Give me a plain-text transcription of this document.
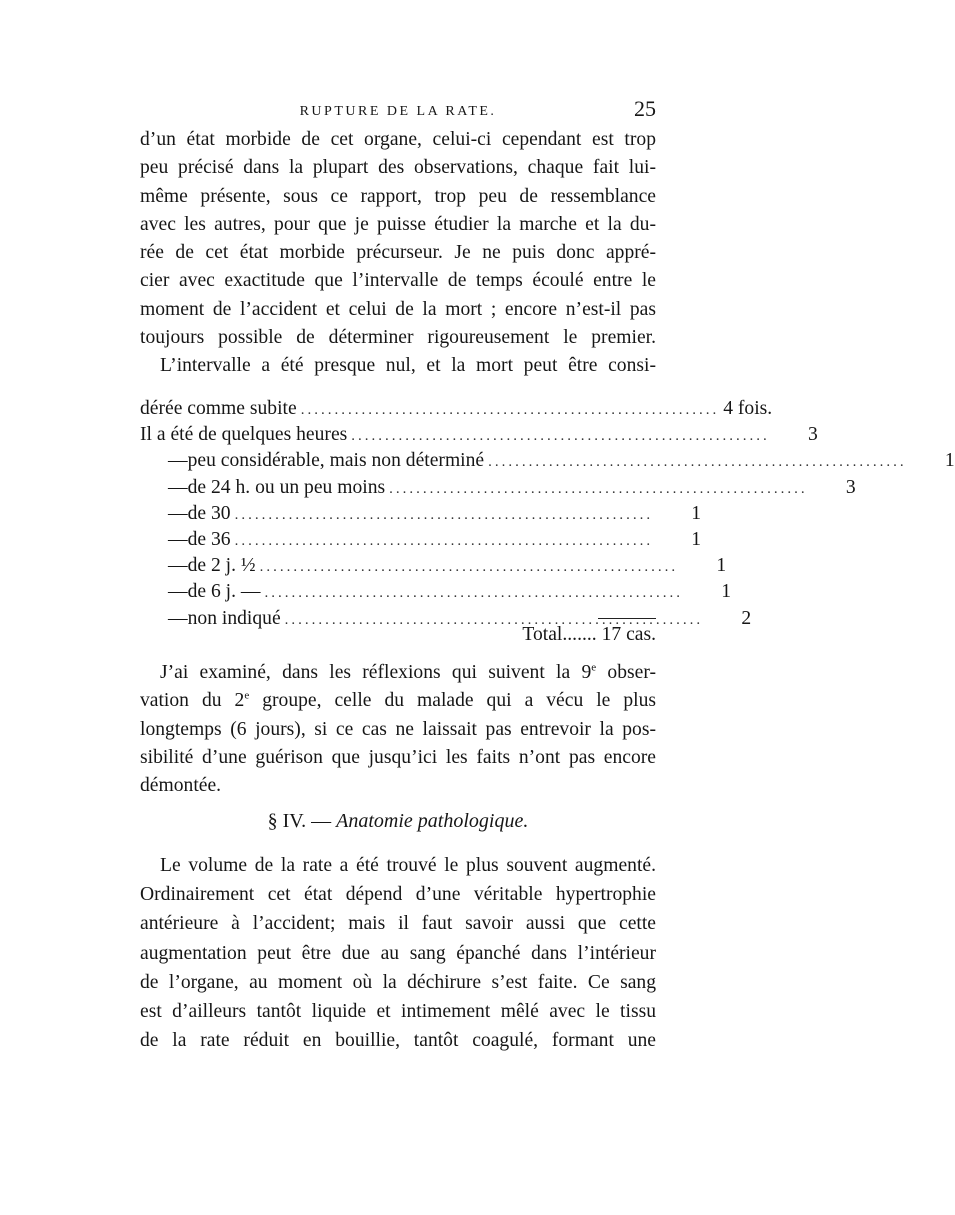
RUPTURE DE LA RATE.	25
d’un état morbide de cet organe, celui-ci cependant est trop
peu précisé dans la plupart des observations, chaque fait lui-
même présente, sous ce rapport, trop peu de ressemblance
avec les autres, pour que je puisse étudier la marche et la du-
rée de cet état morbide précurseur. Je ne puis donc appré-
cier avec exactitude que l’intervalle de temps écoulé entre le
moment de l’accident et celui de la mort ; encore n’est-il pas
toujours possible de déterminer rigoureusement le premier.
L’intervalle a été presque nul, et la mort peut être consi-
dérée comme subite .............................................................. 4 fois.
Il a été de quelques heures ..............................................................	3
— peu considérable, mais non déterminé ..............................................................	1
— de 24 h. ou un peu moins ..............................................................	3
— de 30 ..............................................................	1
— de 36 ..............................................................	1
— de 2 j. ½ ..............................................................	1
— de 6 j. — ..............................................................	1
— non indiqué ..............................................................	2
Total....... 17 cas.
J’ai examiné, dans les réflexions qui suivent la 9e obser-
vation du 2e groupe, celle du malade qui a vécu le plus
longtemps (6 jours), si ce cas ne laissait pas entrevoir la pos-
sibilité d’une guérison que jusqu’ici les faits n’ont pas encore
démontée.
§ IV. — Anatomie pathologique.
Le volume de la rate a été trouvé le plus souvent augmenté.
Ordinairement cet état dépend d’une véritable hypertrophie
antérieure à l’accident; mais il faut savoir aussi que cette
augmentation peut être due au sang épanché dans l’intérieur
de l’organe, au moment où la déchirure s’est faite. Ce sang
est d’ailleurs tantôt liquide et intimement mêlé avec le tissu
de la rate réduit en bouillie, tantôt coagulé, formant une
